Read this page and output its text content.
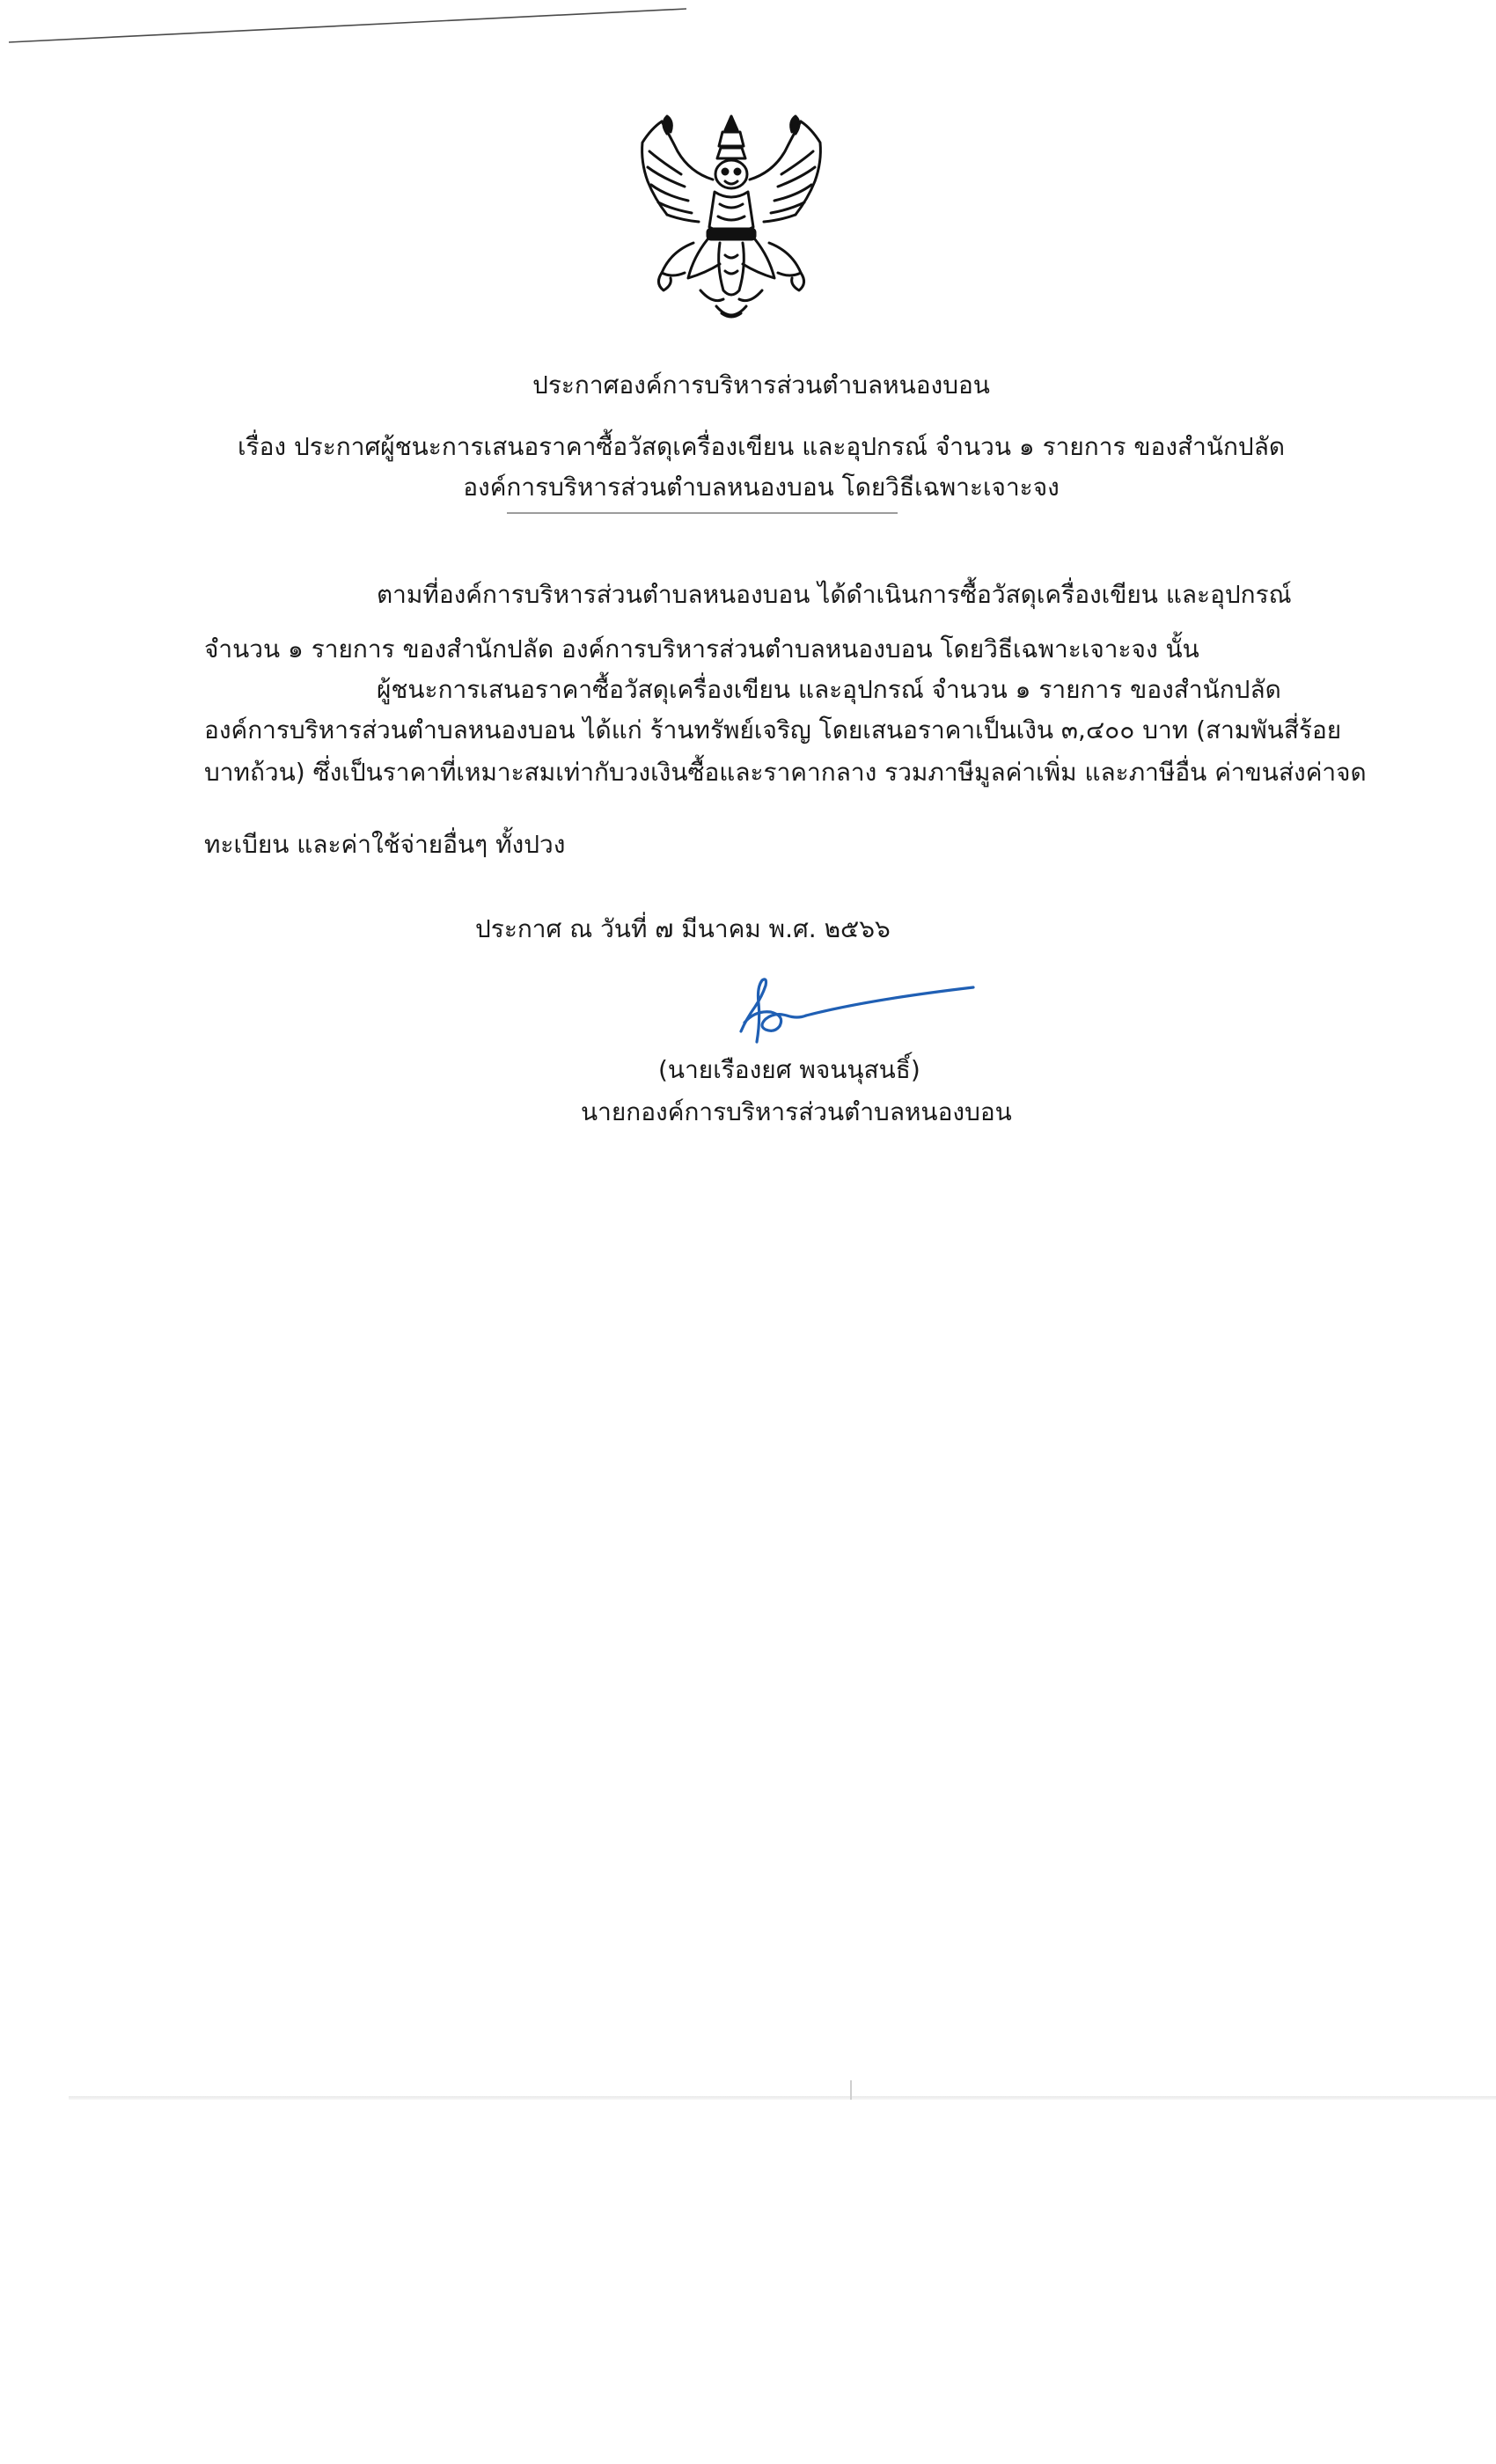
ประกาศองค์การบริหารส่วนตำบลหนองบอน
เรื่อง ประกาศผู้ชนะการเสนอราคาซื้อวัสดุเครื่องเขียน และอุปกรณ์ จำนวน ๑ รายการ ของสำนักปลัด
องค์การบริหารส่วนตำบลหนองบอน โดยวิธีเฉพาะเจาะจง
ตามที่องค์การบริหารส่วนตำบลหนองบอน ได้ดำเนินการซื้อวัสดุเครื่องเขียน และอุปกรณ์
จำนวน ๑ รายการ ของสำนักปลัด องค์การบริหารส่วนตำบลหนองบอน โดยวิธีเฉพาะเจาะจง นั้น
ผู้ชนะการเสนอราคาซื้อวัสดุเครื่องเขียน และอุปกรณ์ จำนวน ๑ รายการ ของสำนักปลัด
องค์การบริหารส่วนตำบลหนองบอน ได้แก่ ร้านทรัพย์เจริญ โดยเสนอราคาเป็นเงิน ๓,๔๐๐ บาท (สามพันสี่ร้อย
บาทถ้วน) ซึ่งเป็นราคาที่เหมาะสมเท่ากับวงเงินซื้อและราคากลาง รวมภาษีมูลค่าเพิ่ม และภาษีอื่น ค่าขนส่งค่าจด
ทะเบียน และค่าใช้จ่ายอื่นๆ ทั้งปวง
ประกาศ ณ วันที่ ๗ มีนาคม พ.ศ. ๒๕๖๖
(นายเรืองยศ พจนนุสนธิ์)
นายกองค์การบริหารส่วนตำบลหนองบอน
